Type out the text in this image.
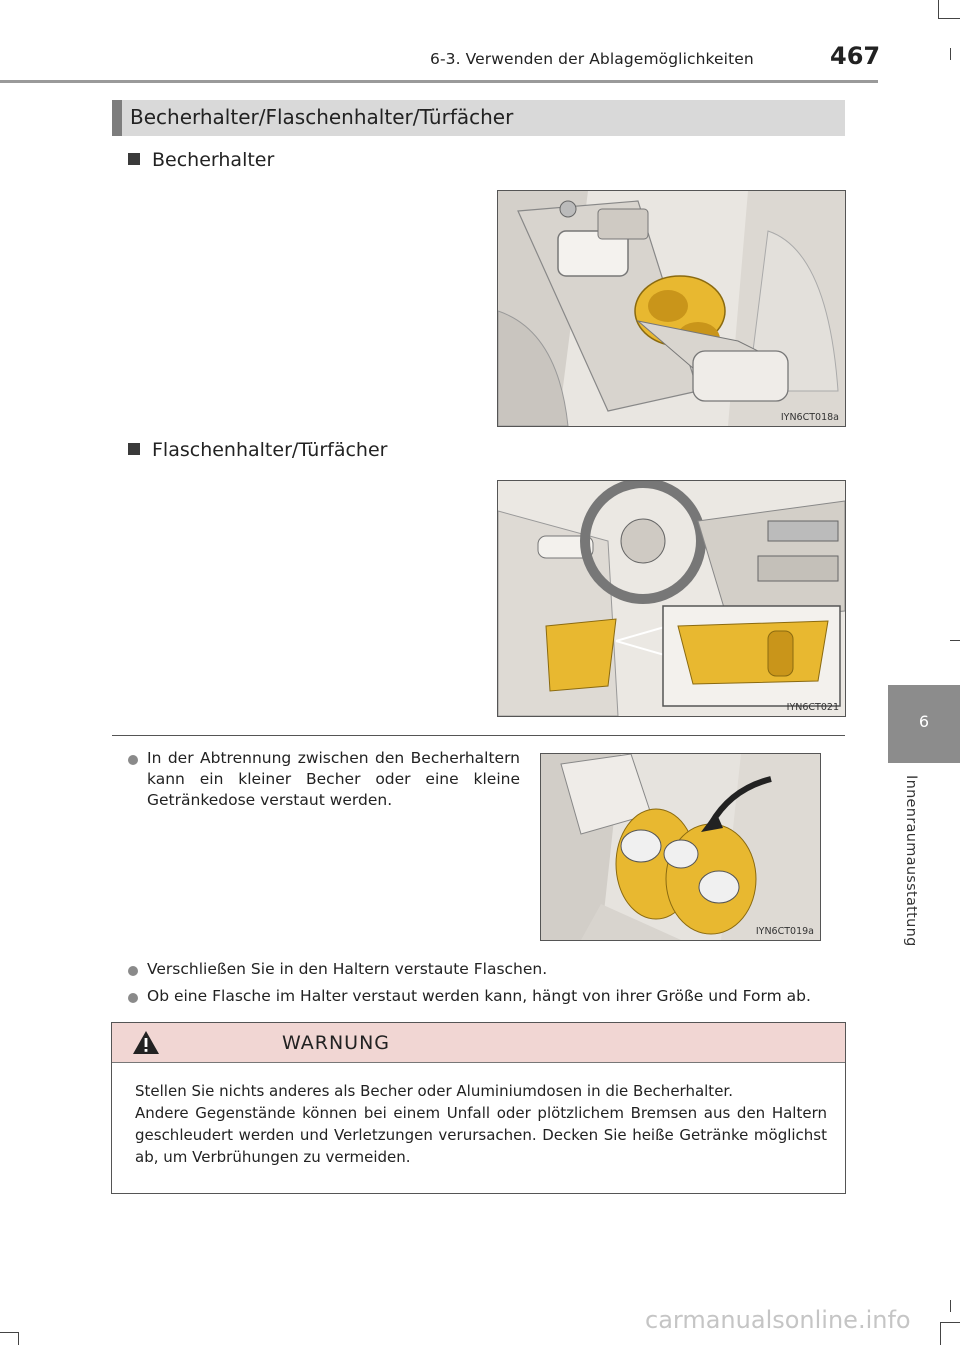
6-3. Verwenden der Ablagemöglichkeiten	467
6
Innenraumausstattung
Becherhalter/Flaschenhalter/Türfächer
Becherhalter
IYN6CT018a
Flaschenhalter/Türfächer
IYN6CT021
In der Abtrennung zwischen den Becherhaltern kann ein kleiner Becher oder eine kleine Getränkedose verstaut werden.
IYN6CT019a
Verschließen Sie in den Haltern verstaute Flaschen.
Ob eine Flasche im Halter verstaut werden kann, hängt von ihrer Größe und Form ab.
WARNUNG
Stellen Sie nichts anderes als Becher oder Aluminiumdosen in die Becherhalter.
Andere Gegenstände können bei einem Unfall oder plötzlichem Bremsen aus den Haltern geschleudert werden und Verletzungen verursachen. Decken Sie heiße Getränke möglichst ab, um Verbrühungen zu vermeiden.
carmanualsonline.info
